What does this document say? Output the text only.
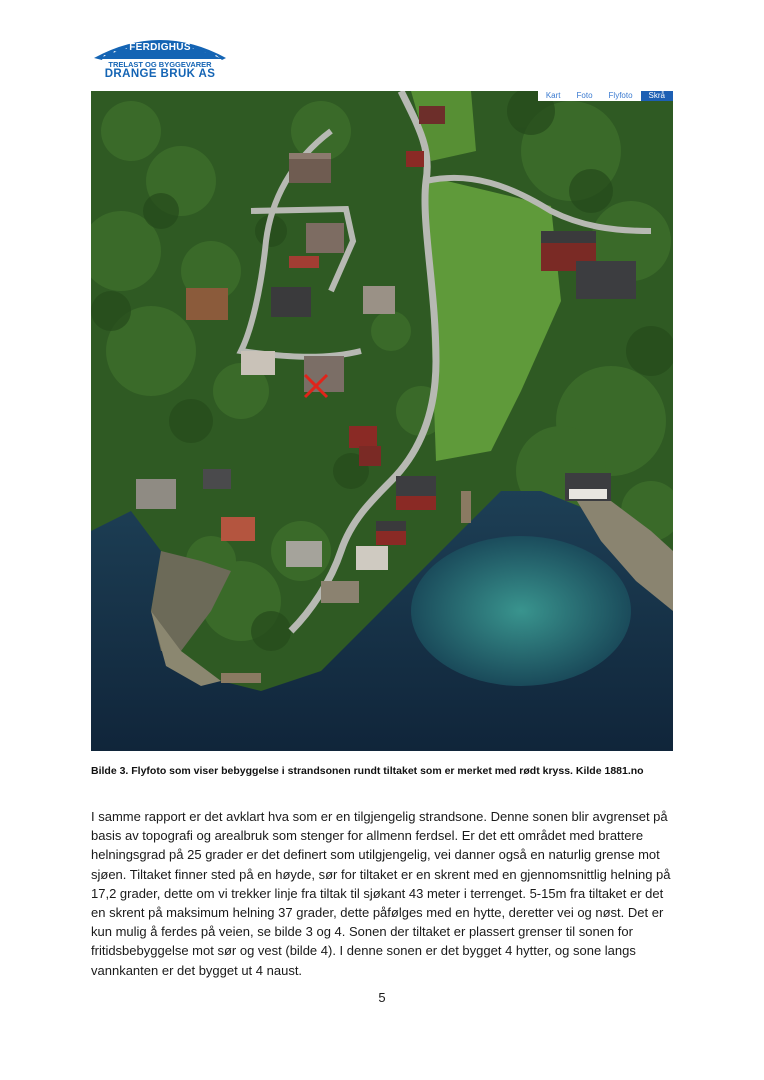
FERDIGHUS
TRELAST OG BYGGEVARER
DRANGE BRUK AS
Kart	Foto	Flyfoto	Skrå
Bilde 3. Flyfoto som viser bebyggelse i strandsonen rundt tiltaket som er merket med rødt kryss. Kilde 1881.no
I samme rapport er det avklart hva som er en tilgjengelig strandsone. Denne sonen blir avgrenset på basis av topografi og arealbruk som stenger for allmenn ferdsel. Er det ett området med brattere helningsgrad på 25 grader er det definert som utilgjengelig, vei danner også en naturlig grense mot sjøen. Tiltaket finner sted på en høyde, sør for tiltaket er en skrent med en gjennomsnittlig helning på 17,2 grader, dette om vi trekker linje fra tiltak til sjøkant 43 meter i terrenget. 5-15m fra tiltaket er det en skrent på maksimum helning 37 grader, dette påfølges med en hytte, deretter vei og nøst. Det er kun mulig å ferdes på veien, se bilde 3 og 4. Sonen der tiltaket er plassert grenser til sonen for fritidsbebyggelse mot sør og vest (bilde 4). I denne sonen er det bygget 4 hytter, og sone langs vannkanten er det bygget ut 4 naust.
5
